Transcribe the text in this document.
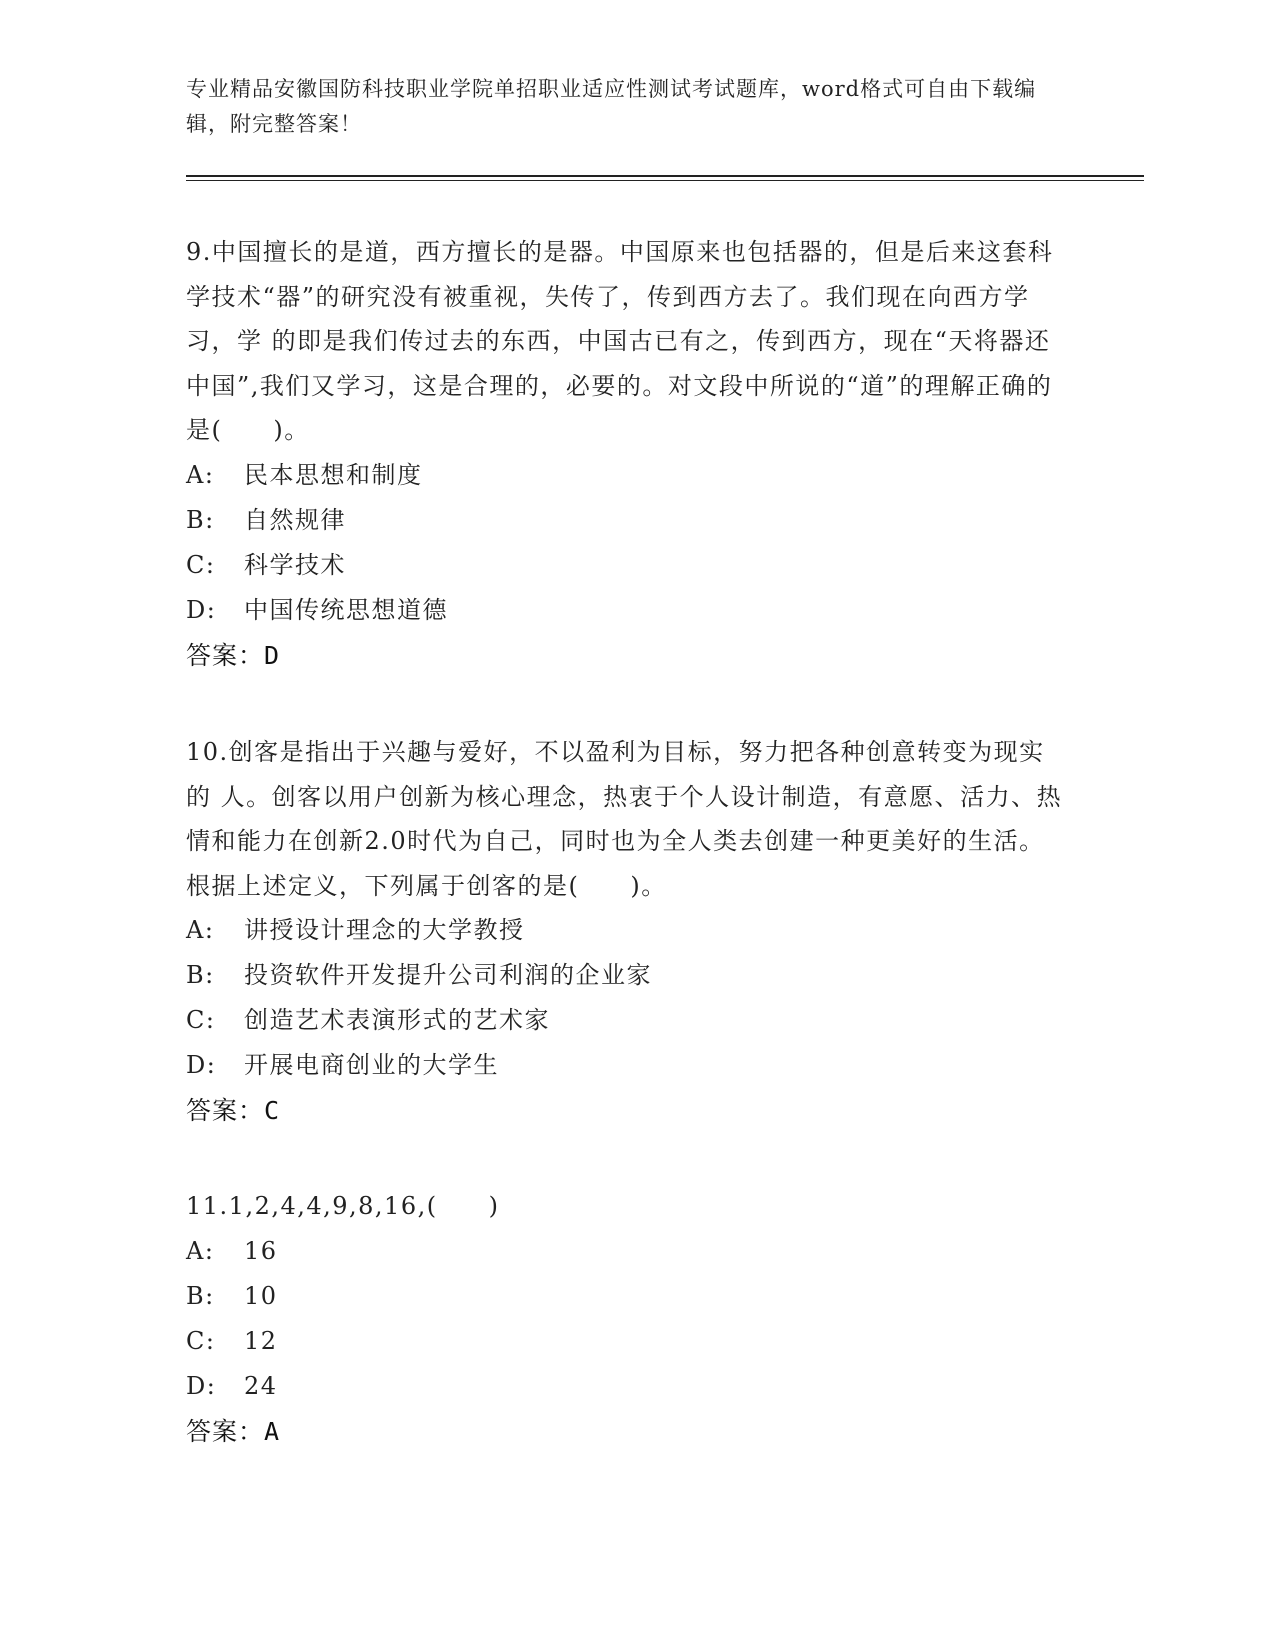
专业精品安徽国防科技职业学院单招职业适应性测试考试题库，word格式可自由下载编辑，附完整答案！

9.中国擅长的是道，西方擅长的是器。中国原来也包括器的，但是后来这套科 学技术“器”的研究没有被重视，失传了，传到西方去了。我们现在向西方学习，学 的即是我们传过去的东西，中国古已有之，传到西方，现在“天将器还中国”,我们又学习，这是合理的，必要的。对文段中所说的“道”的理解正确的是(　　)。

A:	民本思想和制度
B:	自然规律
C:	科学技术
D:	中国传统思想道德
答案：D

10.创客是指出于兴趣与爱好，不以盈利为目标，努力把各种创意转变为现实的 人。创客以用户创新为核心理念，热衷于个人设计制造，有意愿、活力、热情和能力在创新2.0时代为自己，同时也为全人类去创建一种更美好的生活。根据上述定义，下列属于创客的是(　　)。

A:	讲授设计理念的大学教授
B:	投资软件开发提升公司利润的企业家
C:	创造艺术表演形式的艺术家
D:	开展电商创业的大学生
答案：C

11.1,2,4,4,9,8,16,(　　)

A:	16
B:	10
C:	12
D:	24
答案：A
